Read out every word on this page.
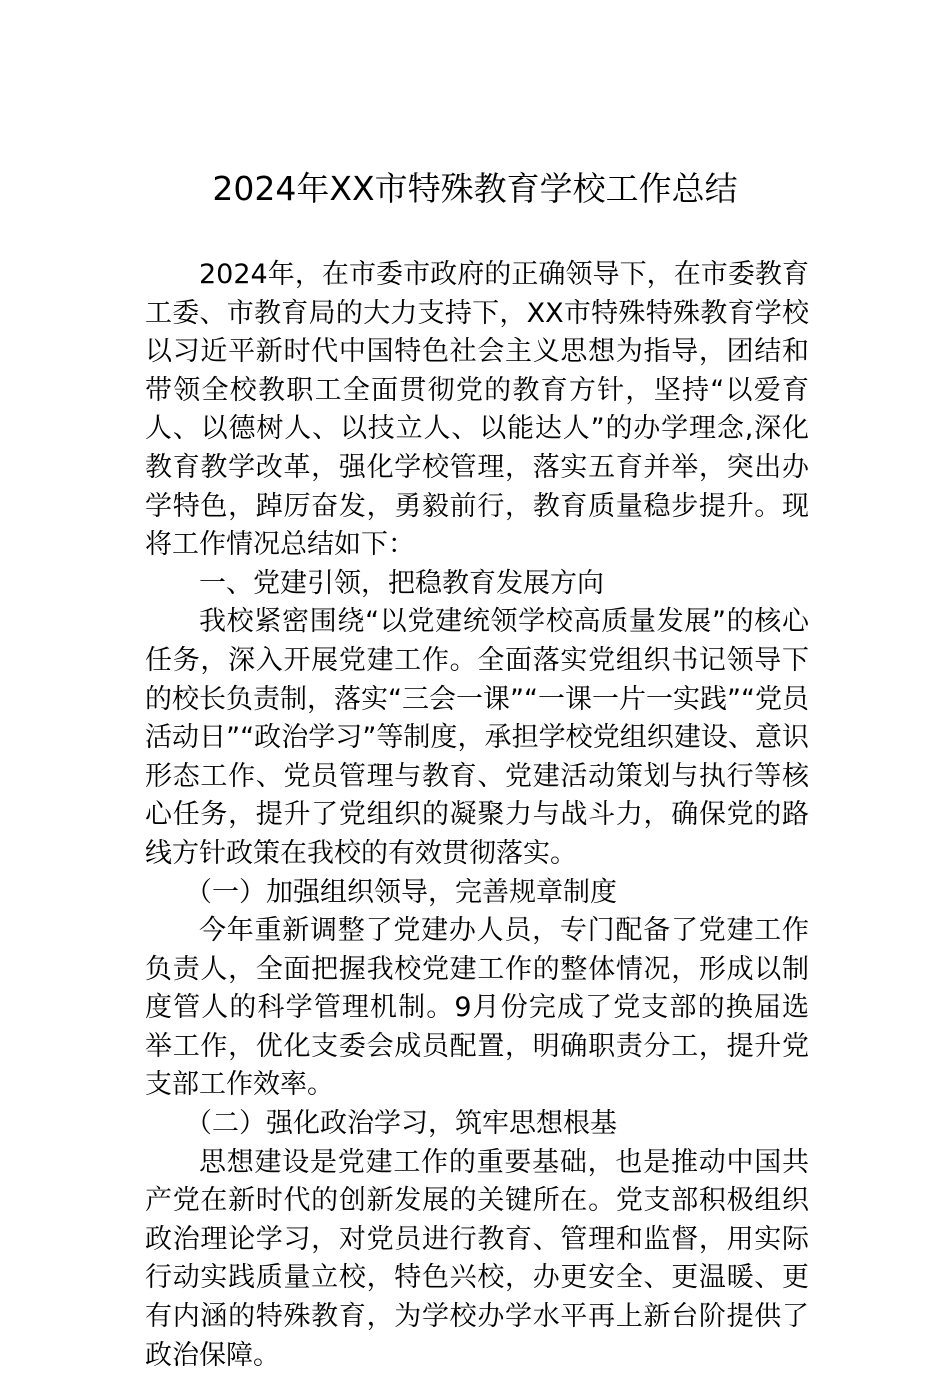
2024年XX市特殊教育学校工作总结

2024年，在市委市政府的正确领导下，在市委教育工委、市教育局的大力支持下，XX市特殊特殊教育学校以习近平新时代中国特色社会主义思想为指导，团结和带领全校教职工全面贯彻党的教育方针，坚持“以爱育人、以德树人、以技立人、以能达人”的办学理念,深化教育教学改革，强化学校管理，落实五育并举，突出办学特色，踔厉奋发，勇毅前行，教育质量稳步提升。现将工作情况总结如下：

一、党建引领，把稳教育发展方向

我校紧密围绕“以党建统领学校高质量发展”的核心任务，深入开展党建工作。全面落实党组织书记领导下的校长负责制，落实“三会一课”“一课一片一实践”“党员活动日”“政治学习”等制度，承担学校党组织建设、意识形态工作、党员管理与教育、党建活动策划与执行等核心任务，提升了党组织的凝聚力与战斗力，确保党的路线方针政策在我校的有效贯彻落实。

（一）加强组织领导，完善规章制度

今年重新调整了党建办人员，专门配备了党建工作负责人，全面把握我校党建工作的整体情况，形成以制度管人的科学管理机制。9月份完成了党支部的换届选举工作，优化支委会成员配置，明确职责分工，提升党支部工作效率。

（二）强化政治学习，筑牢思想根基

思想建设是党建工作的重要基础，也是推动中国共产党在新时代的创新发展的关键所在。党支部积极组织政治理论学习，对党员进行教育、管理和监督，用实际行动实践质量立校，特色兴校，办更安全、更温暖、更有内涵的特殊教育，为学校办学水平再上新台阶提供了政治保障。
